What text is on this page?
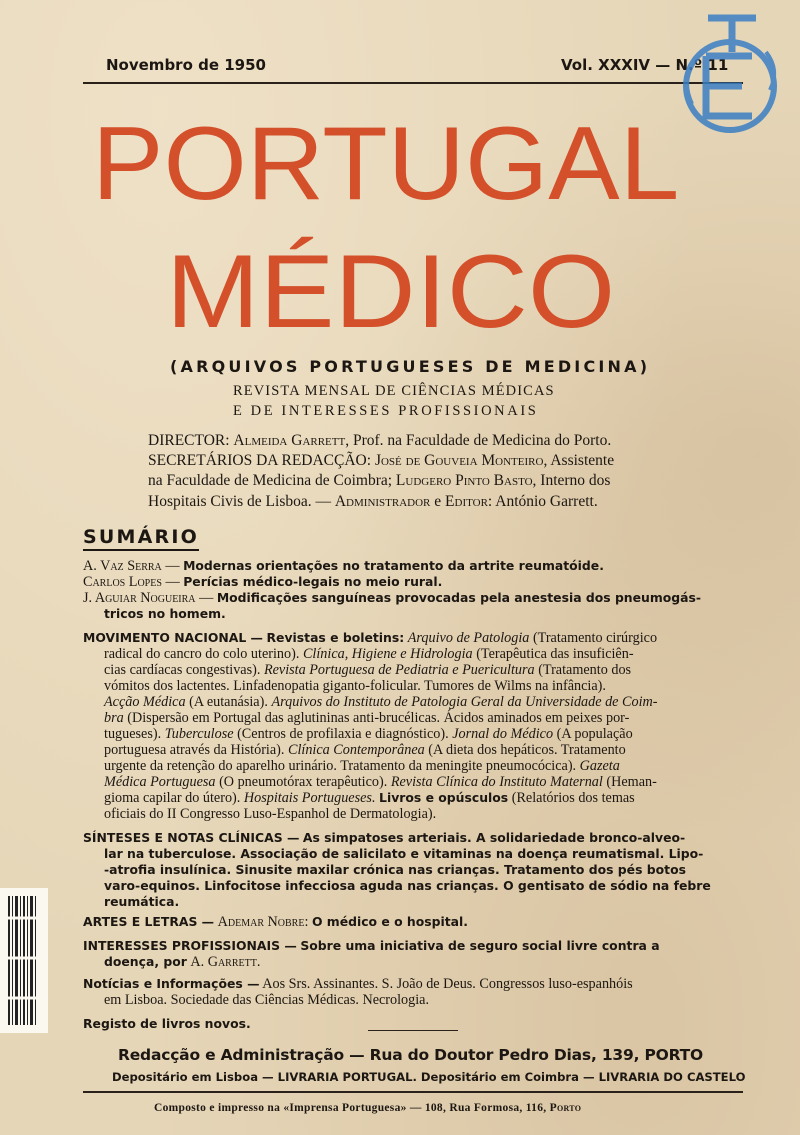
Novembro de 1950	Vol. XXXIV — N.º 11
PORTUGAL
MÉDICO
(ARQUIVOS PORTUGUESES DE MEDICINA)
REVISTA MENSAL DE CIÊNCIAS MÉDICAS
E DE INTERESSES PROFISSIONAIS
DIRECTOR: Almeida Garrett, Prof. na Faculdade de Medicina do Porto.
SECRETÁRIOS DA REDACÇÃO: José de Gouveia Monteiro, Assistente
na Faculdade de Medicina de Coimbra; Ludgero Pinto Basto, Interno dos
Hospitais Civis de Lisboa. — Administrador e Editor: António Garrett.
SUMÁRIO
A. Vaz Serra — Modernas orientações no tratamento da artrite reumatóide.
Carlos Lopes — Perícias médico-legais no meio rural.
J. Aguiar Nogueira — Modificações sanguíneas provocadas pela anestesia dos pneumogás-
tricos no homem.
MOVIMENTO NACIONAL — Revistas e boletins: Arquivo de Patologia (Tratamento cirúrgico
radical do cancro do colo uterino). Clínica, Higiene e Hidrologia (Terapêutica das insuficiên-
cias cardíacas congestivas). Revista Portuguesa de Pediatria e Puericultura (Tratamento dos
vómitos dos lactentes. Linfadenopatia giganto-folicular. Tumores de Wilms na infância).
Acção Médica (A eutanásia). Arquivos do Instituto de Patologia Geral da Universidade de Coim-
bra (Dispersão em Portugal das aglutininas anti-brucélicas. Ácidos aminados em peixes por-
tugueses). Tuberculose (Centros de profilaxia e diagnóstico). Jornal do Médico (A população
portuguesa através da História). Clínica Contemporânea (A dieta dos hepáticos. Tratamento
urgente da retenção do aparelho urinário. Tratamento da meningite pneumocócica). Gazeta
Médica Portuguesa (O pneumotórax terapêutico). Revista Clínica do Instituto Maternal (Heman-
gioma capilar do útero). Hospitais Portugueses. Livros e opúsculos (Relatórios dos temas
oficiais do II Congresso Luso-Espanhol de Dermatologia).
SÍNTESES E NOTAS CLÍNICAS — As simpatoses arteriais. A solidariedade bronco-alveo-
lar na tuberculose. Associação de salicilato e vitaminas na doença reumatismal. Lipo-
-atrofia insulínica. Sinusite maxilar crónica nas crianças. Tratamento dos pés botos
varo-equinos. Linfocitose infecciosa aguda nas crianças. O gentisato de sódio na febre
reumática.
ARTES E LETRAS — Ademar Nobre: O médico e o hospital.
INTERESSES PROFISSIONAIS — Sobre uma iniciativa de seguro social livre contra a
doença, por A. Garrett.
Notícias e Informações — Aos Srs. Assinantes. S. João de Deus. Congressos luso-espanhóis
em Lisboa. Sociedade das Ciências Médicas. Necrologia.
Registo de livros novos.
Redacção e Administração — Rua do Doutor Pedro Dias, 139, PORTO
Depositário em Lisboa — LIVRARIA PORTUGAL. Depositário em Coimbra — LIVRARIA DO CASTELO
Composto e impresso na «Imprensa Portuguesa» — 108, Rua Formosa, 116, Porto
